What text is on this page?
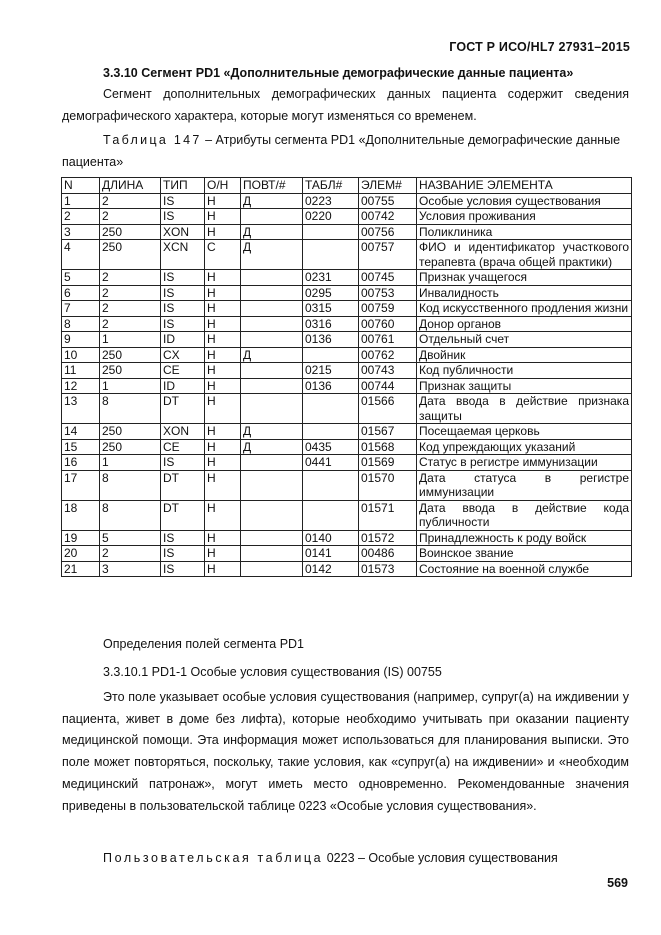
ГОСТ Р ИСО/HL7 27931–2015
3.3.10 Сегмент PD1 «Дополнительные демографические данные пациента»
Сегмент дополнительных демографических данных пациента содержит сведения демографического характера, которые могут изменяться со временем.
Таблица 147 – Атрибуты сегмента PD1 «Дополнительные демографические данные пациента»
N	ДЛИНА	ТИП	О/Н	ПОВТ/#	ТАБЛ#	ЭЛЕМ#	НАЗВАНИЕ ЭЛЕМЕНТА
1	2	IS	Н	Д	0223	00755	Особые условия существования
2	2	IS	Н		0220	00742	Условия проживания
3	250	XON	Н	Д		00756	Поликлиника
4	250	XCN	С	Д		00757	ФИО и идентификатор участкового терапевта (врача общей практики)
5	2	IS	Н		0231	00745	Признак учащегося
6	2	IS	Н		0295	00753	Инвалидность
7	2	IS	Н		0315	00759	Код искусственного продления жизни
8	2	IS	Н		0316	00760	Донор органов
9	1	ID	Н		0136	00761	Отдельный счет
10	250	CX	Н	Д		00762	Двойник
11	250	CE	Н		0215	00743	Код публичности
12	1	ID	Н		0136	00744	Признак защиты
13	8	DT	Н			01566	Дата ввода в действие признака защиты
14	250	XON	Н	Д		01567	Посещаемая церковь
15	250	CE	Н	Д	0435	01568	Код упреждающих указаний
16	1	IS	Н		0441	01569	Статус в регистре иммунизации
17	8	DT	Н			01570	Дата статуса в регистре иммунизации
18	8	DT	Н			01571	Дата ввода в действие кода публичности
19	5	IS	Н		0140	01572	Принадлежность к роду войск
20	2	IS	Н		0141	00486	Воинское звание
21	3	IS	Н		0142	01573	Состояние на военной службе
Определения полей сегмента PD1
3.3.10.1 PD1-1 Особые условия существования (IS) 00755
Это поле указывает особые условия существования (например, супруг(а) на иждивении у пациента, живет в доме без лифта), которые необходимо учитывать при оказании пациенту медицинской помощи. Эта информация может использоваться для планирования выписки. Это поле может повторяться, поскольку, такие условия, как «супруг(а) на иждивении» и «необходим медицинский патронаж», могут иметь место одновременно. Рекомендованные значения приведены в пользовательской таблице 0223 «Особые условия существования».
Пользовательская таблица 0223 – Особые условия существования
569
